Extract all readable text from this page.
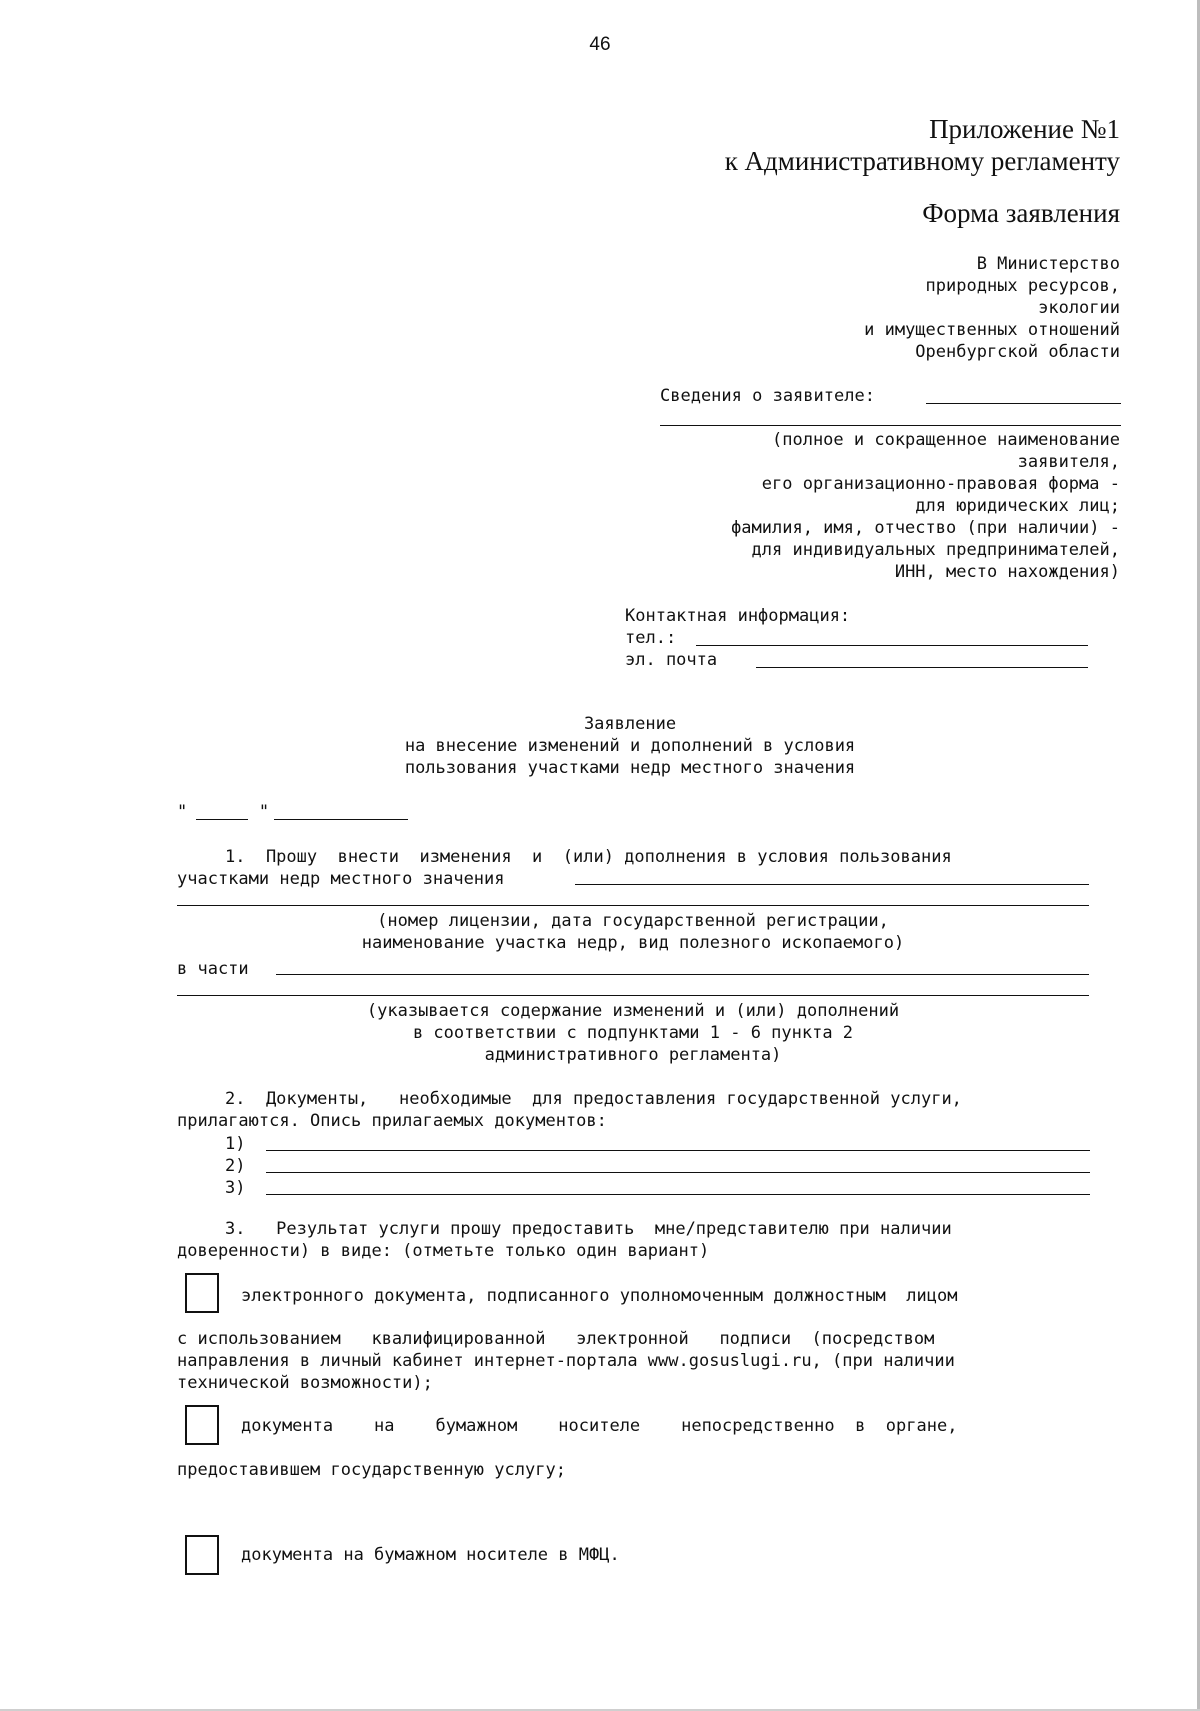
46
Приложение №1
к Административному регламенту
Форма заявления
В Министерство
природных ресурсов,
экологии
и имущественных отношений
Оренбургской области
Сведения о заявителе:
(полное и сокращенное наименование
заявителя,
его организационно-правовая форма -
для юридических лиц;
фамилия, имя, отчество (при наличии) -
для индивидуальных предпринимателей,
ИНН, место нахождения)
Контактная информация:
тел.:
эл. почта
Заявление
на внесение изменений и дополнений в условия
пользования участками недр местного значения
"       "
1.  Прошу  внести  изменения  и  (или) дополнения в условия пользования
участками недр местного значения
(номер лицензии, дата государственной регистрации,
наименование участка недр, вид полезного ископаемого)
в части
(указывается содержание изменений и (или) дополнений
в соответствии с подпунктами 1 - 6 пункта 2
административного регламента)
2.  Документы,   необходимые  для предоставления государственной услуги,
прилагаются. Опись прилагаемых документов:
1)
2)
3)
3.   Результат услуги прошу предоставить  мне/представителю при наличии
доверенности) в виде: (отметьте только один вариант)
электронного документа, подписанного уполномоченным должностным  лицом
с использованием   квалифицированной   электронной   подписи  (посредством
направления в личный кабинет интернет-портала www.gosuslugi.ru, (при наличии
технической возможности);
документа    на    бумажном    носителе    непосредственно  в  органе,
предоставившем государственную услугу;
документа на бумажном носителе в МФЦ.
